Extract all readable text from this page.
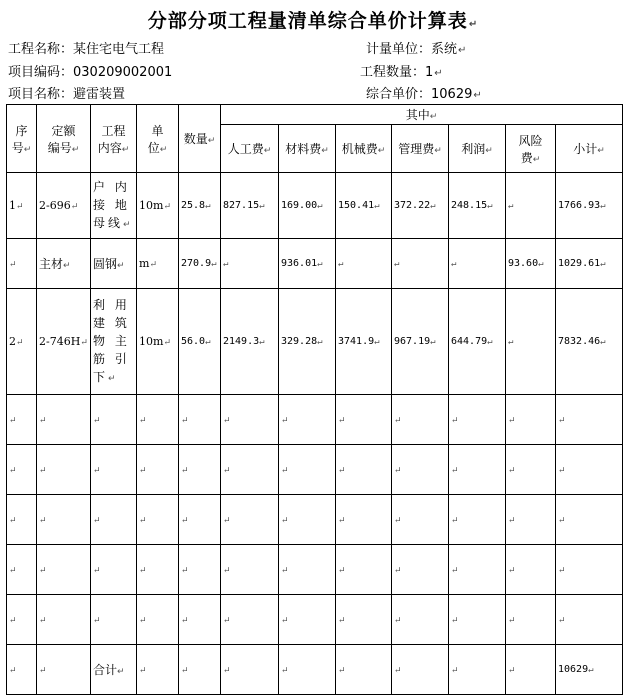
分部分项工程量清单综合单价计算表↵
工程名称：某住宅电气工程	计量单位：系统↵
项目编码：030209002001	工程数量：1↵
项目名称：避雷装置	综合单价：10629↵
序
号↵	定额
编号↵	工程
内容↵	单
位↵	数量↵	其中↵						
					人工费↵	材料费↵	机械费↵	管理费↵	利润↵	风险
费↵	小计↵
1↵	2-696↵	户 内
接 地
母线↵	10m↵	25.8↵	827.15↵	169.00↵	150.41↵	372.22↵	248.15↵	↵	1766.93↵
↵	主材↵	圆钢↵	m↵	270.9↵	↵	936.01↵	↵	↵	↵	93.60↵	1029.61↵
2↵	2-746H↵	利 用
建 筑
物 主
筋 引
下↵	10m↵	56.0↵	2149.3↵	329.28↵	3741.9↵	967.19↵	644.79↵	↵	7832.46↵
↵	↵	↵	↵	↵	↵	↵	↵	↵	↵	↵	↵
↵	↵	↵	↵	↵	↵	↵	↵	↵	↵	↵	↵
↵	↵	↵	↵	↵	↵	↵	↵	↵	↵	↵	↵
↵	↵	↵	↵	↵	↵	↵	↵	↵	↵	↵	↵
↵	↵	↵	↵	↵	↵	↵	↵	↵	↵	↵	↵
↵	↵	合计↵	↵	↵	↵	↵	↵	↵	↵	↵	10629↵
